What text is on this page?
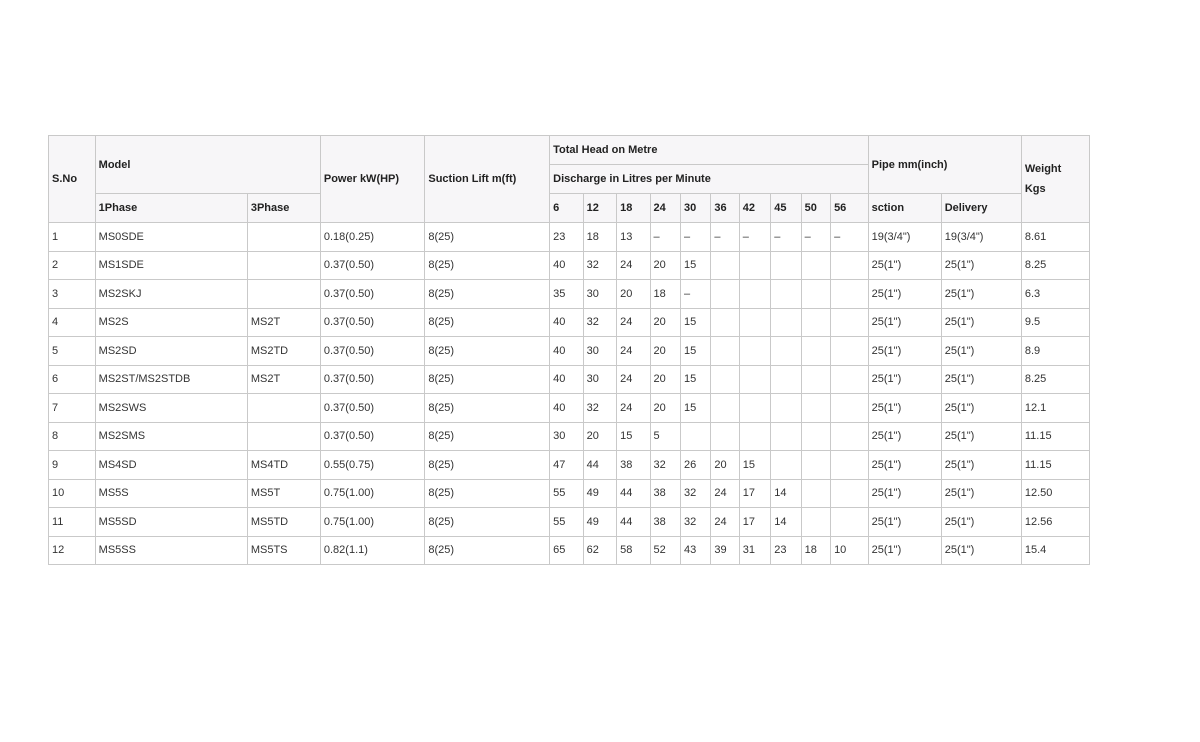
S.No	Model		Power kW(HP)	Suction Lift m(ft)	Total Head on Metre										Pipe mm(inch)		Weight
Kgs

					Discharge in Litres per Minute												
	1Phase	3Phase			6	12	18	24	30	36	42	45	50	56	sction	Delivery	
1	MS0SDE		0.18(0.25)	8(25)	23	18	13	–	–	–	–	–	–	–	19(3/4")	19(3/4")	8.61
2	MS1SDE		0.37(0.50)	8(25)	40	32	24	20	15						25(1")	25(1")	8.25
3	MS2SKJ		0.37(0.50)	8(25)	35	30	20	18	–						25(1")	25(1")	6.3
4	MS2S	MS2T	0.37(0.50)	8(25)	40	32	24	20	15						25(1")	25(1")	9.5
5	MS2SD	MS2TD	0.37(0.50)	8(25)	40	30	24	20	15						25(1")	25(1")	8.9
6	MS2ST/MS2STDB	MS2T	0.37(0.50)	8(25)	40	30	24	20	15						25(1")	25(1")	8.25
7	MS2SWS		0.37(0.50)	8(25)	40	32	24	20	15						25(1")	25(1")	12.1
8	MS2SMS		0.37(0.50)	8(25)	30	20	15	5							25(1")	25(1")	11.15
9	MS4SD	MS4TD	0.55(0.75)	8(25)	47	44	38	32	26	20	15				25(1")	25(1")	11.15
10	MS5S	MS5T	0.75(1.00)	8(25)	55	49	44	38	32	24	17	14			25(1")	25(1")	12.50
11	MS5SD	MS5TD	0.75(1.00)	8(25)	55	49	44	38	32	24	17	14			25(1")	25(1")	12.56
12	MS5SS	MS5TS	0.82(1.1)	8(25)	65	62	58	52	43	39	31	23	18	10	25(1")	25(1")	15.4
